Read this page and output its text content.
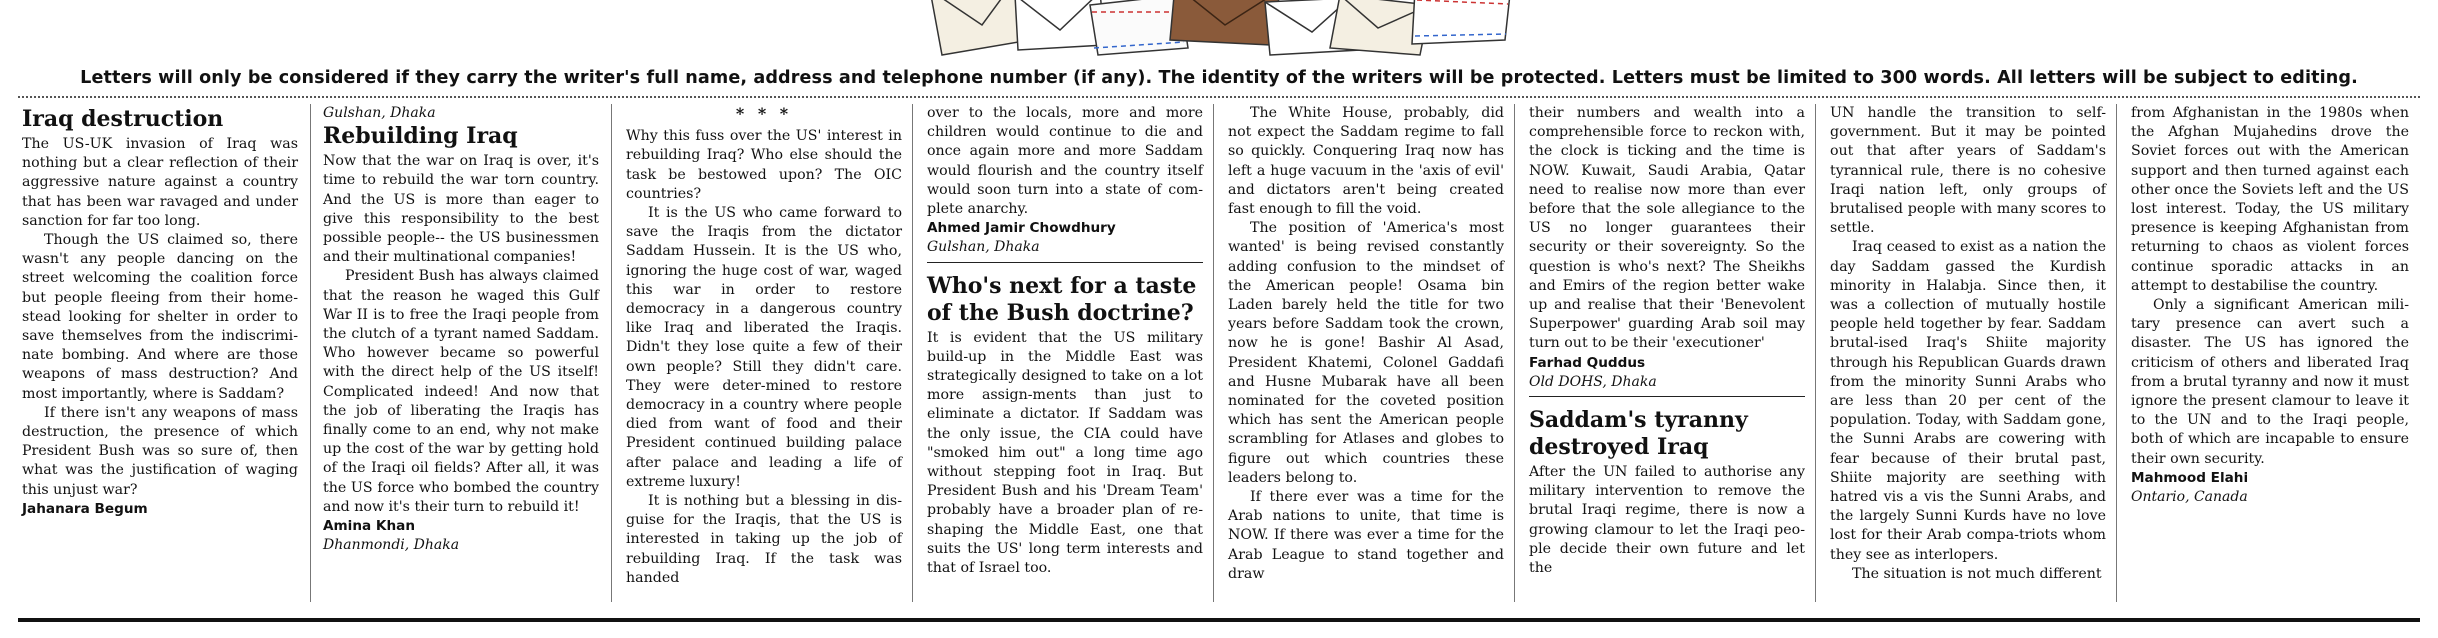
Letters will only be considered if they carry the writer's full name, address and telephone number (if any). The identity of the writers will be protected. Letters must be limited to 300 words. All letters will be subject to editing.
Iraq destruction

The US-UK invasion of Iraq was nothing but a clear reflection of their aggressive nature against a country that has been war ravaged and under sanction for far too long.

Though the US claimed so, there wasn't any people dancing on the street welcoming the coalition force but people fleeing from their home-stead looking for shelter in order to save themselves from the indiscrimi-nate bombing. And where are those weapons of mass destruction? And most importantly, where is Saddam?

If there isn't any weapons of mass destruction, the presence of which President Bush was so sure of, then what was the justification of waging this unjust war?

Jahanara Begum

Gulshan, Dhaka

Rebuilding Iraq

Now that the war on Iraq is over, it's time to rebuild the war torn country. And the US is more than eager to give this responsibility to the best possible people-- the US businessmen and their multinational companies!

President Bush has always claimed that the reason he waged this Gulf War II is to free the Iraqi people from the clutch of a tyrant named Saddam. Who however became so powerful with the direct help of the US itself! Complicated indeed! And now that the job of liberating the Iraqis has finally come to an end, why not make up the cost of the war by getting hold of the Iraqi oil fields? After all, it was the US force who bombed the country and now it's their turn to rebuild it!

Amina Khan

Dhanmondi, Dhaka

* * *

Why this fuss over the US' interest in rebuilding Iraq? Who else should the task be bestowed upon? The OIC countries?

It is the US who came forward to save the Iraqis from the dictator Saddam Hussein. It is the US who, ignoring the huge cost of war, waged this war in order to restore democracy in a dangerous country like Iraq and liberated the Iraqis. Didn't they lose quite a few of their own people? Still they didn't care. They were deter-mined to restore democracy in a country where people died from want of food and their President continued building palace after palace and leading a life of extreme luxury!

It is nothing but a blessing in dis-guise for the Iraqis, that the US is interested in taking up the job of rebuilding Iraq. If the task was handed

over to the locals, more and more children would continue to die and once again more and more Saddam would flourish and the country itself would soon turn into a state of com-plete anarchy.

Ahmed Jamir Chowdhury

Gulshan, Dhaka

Who's next for a taste of the Bush doctrine?

It is evident that the US military build-up in the Middle East was strategically designed to take on a lot more assign-ments than just to eliminate a dictator. If Saddam was the only issue, the CIA could have "smoked him out" a long time ago without stepping foot in Iraq. But President Bush and his 'Dream Team' probably have a broader plan of re-shaping the Middle East, one that suits the US' long term interests and that of Israel too.

The White House, probably, did not expect the Saddam regime to fall so quickly. Conquering Iraq now has left a huge vacuum in the 'axis of evil' and dictators aren't being created fast enough to fill the void.

The position of 'America's most wanted' is being revised constantly adding confusion to the mindset of the American people! Osama bin Laden barely held the title for two years before Saddam took the crown, now he is gone! Bashir Al Asad, President Khatemi, Colonel Gaddafi and Husne Mubarak have all been nominated for the coveted position which has sent the American people scrambling for Atlases and globes to figure out which countries these leaders belong to.

If there ever was a time for the Arab nations to unite, that time is NOW. If there was ever a time for the Arab League to stand together and draw

their numbers and wealth into a comprehensible force to reckon with, the clock is ticking and the time is NOW. Kuwait, Saudi Arabia, Qatar need to realise now more than ever before that the sole allegiance to the US no longer guarantees their security or their sovereignty. So the question is who's next? The Sheikhs and Emirs of the region better wake up and realise that their 'Benevolent Superpower' guarding Arab soil may turn out to be their 'executioner'

Farhad Quddus

Old DOHS, Dhaka

Saddam's tyranny destroyed Iraq

After the UN failed to authorise any military intervention to remove the brutal Iraqi regime, there is now a growing clamour to let the Iraqi peo-ple decide their own future and let the

UN handle the transition to self-government. But it may be pointed out that after years of Saddam's tyrannical rule, there is no cohesive Iraqi nation left, only groups of brutalised people with many scores to settle.

Iraq ceased to exist as a nation the day Saddam gassed the Kurdish minority in Halabja. Since then, it was a collection of mutually hostile people held together by fear. Saddam brutal-ised Iraq's Shiite majority through his Republican Guards drawn from the minority Sunni Arabs who are less than 20 per cent of the population. Today, with Saddam gone, the Sunni Arabs are cowering with fear because of their brutal past, Shiite majority are seething with hatred vis a vis the Sunni Arabs, and the largely Sunni Kurds have no love lost for their Arab compa-triots whom they see as interlopers.

The situation is not much different

from Afghanistan in the 1980s when the Afghan Mujahedins drove the Soviet forces out with the American support and then turned against each other once the Soviets left and the US lost interest. Today, the US military presence is keeping Afghanistan from returning to chaos as violent forces continue sporadic attacks in an attempt to destabilise the country.

Only a significant American mili-tary presence can avert such a disaster. The US has ignored the criticism of others and liberated Iraq from a brutal tyranny and now it must ignore the present clamour to leave it to the UN and to the Iraqi people, both of which are incapable to ensure their own security.

Mahmood Elahi

Ontario, Canada
